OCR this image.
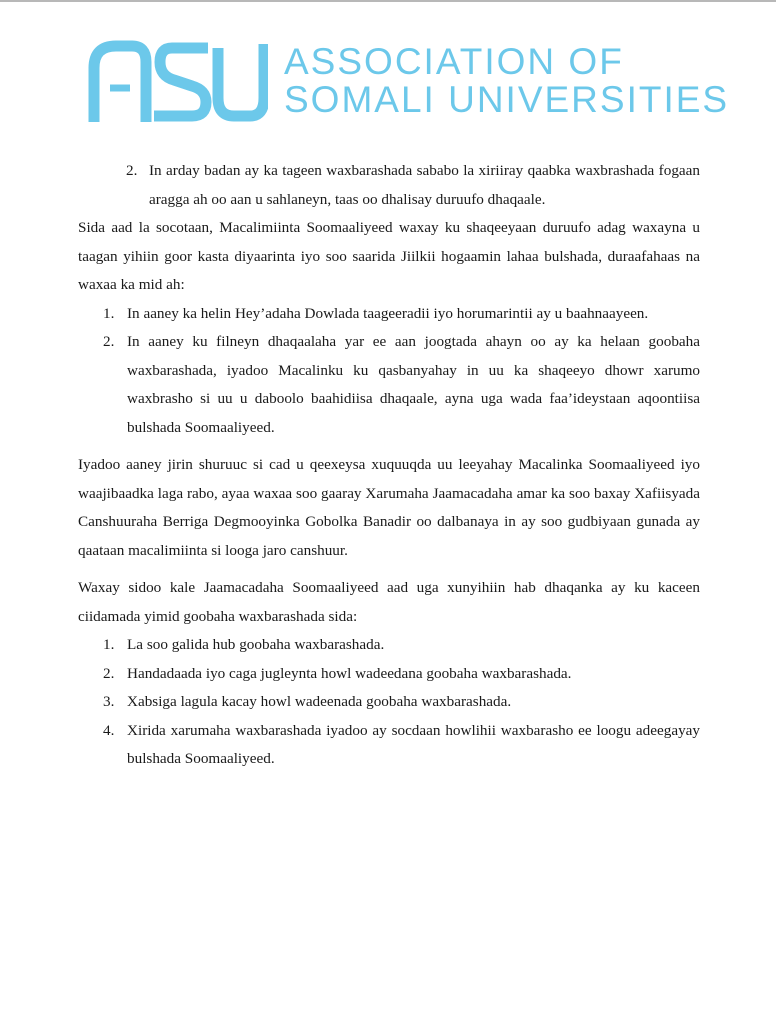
ASSOCIATION OF
SOMALI UNIVERSITIES
2. In arday badan ay ka tageen waxbarashada sababo la xiriiray qaabka waxbrashada fogaan aragga ah oo aan u sahlaneyn, taas oo dhalisay duruufo dhaqaale.

Sida aad la socotaan, Macalimiinta Soomaaliyeed waxay ku shaqeeyaan duruufo adag waxayna u taagan yihiin goor kasta diyaarinta iyo soo saarida Jiilkii hogaamin lahaa bulshada, duraafahaas na waxaa ka mid ah:

1. In aaney ka helin Hey’adaha Dowlada taageeradii iyo horumarintii ay u baahnaayeen.
2. In aaney ku filneyn dhaqaalaha yar ee aan joogtada ahayn oo ay ka helaan goobaha waxbarashada, iyadoo Macalinku ku qasbanyahay in uu ka shaqeeyo dhowr xarumo waxbrasho si uu u daboolo baahidiisa dhaqaale, ayna uga wada faa’ideystaan aqoontiisa bulshada Soomaaliyeed.

Iyadoo aaney jirin shuruuc si cad u qeexeysa xuquuqda uu leeyahay Macalinka Soomaaliyeed iyo waajibaadka laga rabo, ayaa waxaa soo gaaray Xarumaha Jaamacadaha amar ka soo baxay Xafiisyada Canshuuraha Berriga Degmooyinka Gobolka Banadir oo dalbanaya in ay soo gudbiyaan gunada ay qaataan macalimiinta si looga jaro canshuur.

Waxay sidoo kale Jaamacadaha Soomaaliyeed aad uga xunyihiin hab dhaqanka ay ku kaceen ciidamada yimid goobaha waxbarashada sida:

1. La soo galida hub goobaha waxbarashada.
2. Handadaada iyo caga jugleynta howl wadeedana goobaha waxbarashada.
3. Xabsiga lagula kacay howl wadeenada goobaha waxbarashada.
4. Xirida xarumaha waxbarashada iyadoo ay socdaan howlihii waxbarasho ee loogu adeegayay bulshada Soomaaliyeed.
